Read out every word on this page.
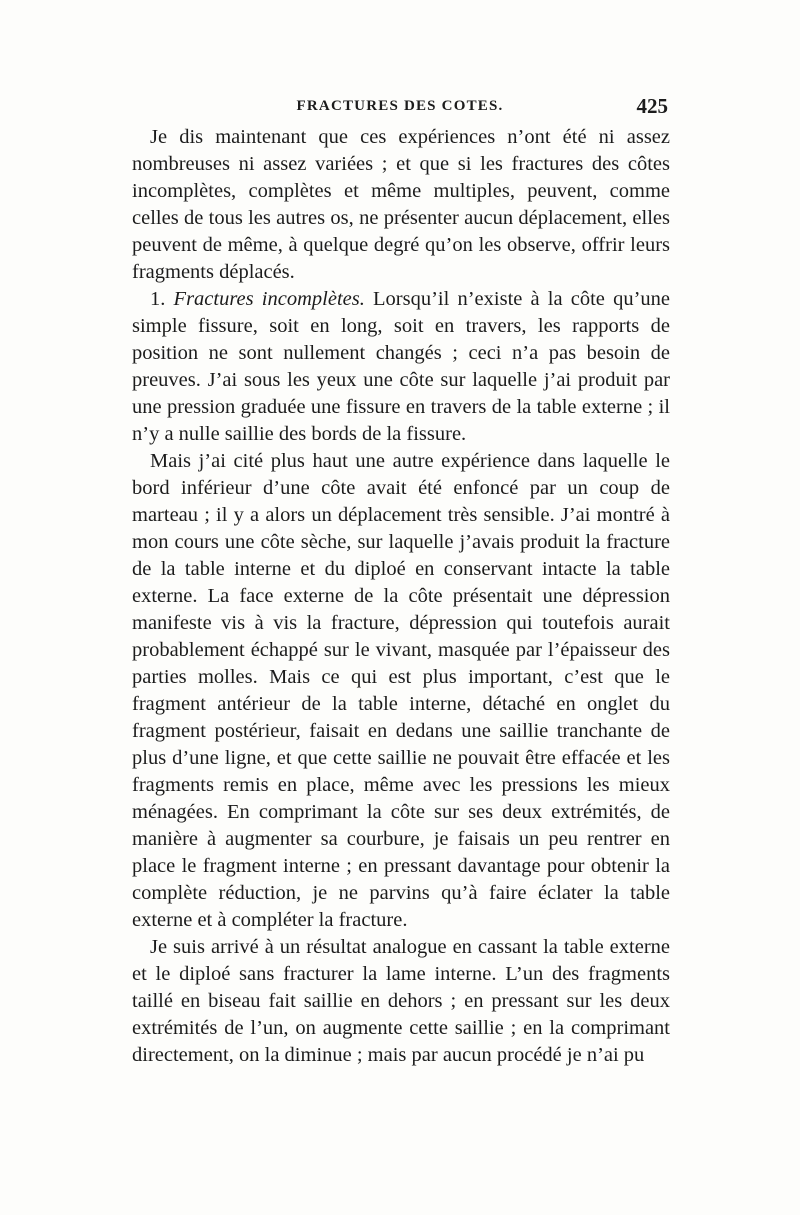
FRACTURES DES COTES.	425

Je dis maintenant que ces expériences n’ont été ni assez nombreuses ni assez variées ; et que si les fractures des côtes incomplètes, complètes et même multiples, peuvent, comme celles de tous les autres os, ne présenter aucun déplacement, elles peuvent de même, à quelque degré qu’on les observe, offrir leurs fragments déplacés.

1. Fractures incomplètes. Lorsqu’il n’existe à la côte qu’une simple fissure, soit en long, soit en travers, les rapports de position ne sont nullement changés ; ceci n’a pas besoin de preuves. J’ai sous les yeux une côte sur laquelle j’ai produit par une pression graduée une fissure en travers de la table externe ; il n’y a nulle saillie des bords de la fissure.

Mais j’ai cité plus haut une autre expérience dans laquelle le bord inférieur d’une côte avait été enfoncé par un coup de marteau ; il y a alors un déplacement très sensible. J’ai montré à mon cours une côte sèche, sur laquelle j’avais produit la fracture de la table interne et du diploé en conservant intacte la table externe. La face externe de la côte présentait une dépression manifeste vis à vis la fracture, dépression qui toutefois aurait probablement échappé sur le vivant, masquée par l’épaisseur des parties molles. Mais ce qui est plus important, c’est que le fragment antérieur de la table interne, détaché en onglet du fragment postérieur, faisait en dedans une saillie tranchante de plus d’une ligne, et que cette saillie ne pouvait être effacée et les fragments remis en place, même avec les pressions les mieux ménagées. En comprimant la côte sur ses deux extrémités, de manière à augmenter sa courbure, je faisais un peu rentrer en place le fragment interne ; en pressant davantage pour obtenir la complète réduction, je ne parvins qu’à faire éclater la table externe et à compléter la fracture.

Je suis arrivé à un résultat analogue en cassant la table externe et le diploé sans fracturer la lame interne. L’un des fragments taillé en biseau fait saillie en dehors ; en pressant sur les deux extrémités de l’un, on augmente cette saillie ; en la comprimant directement, on la diminue ; mais par aucun procédé je n’ai pu
